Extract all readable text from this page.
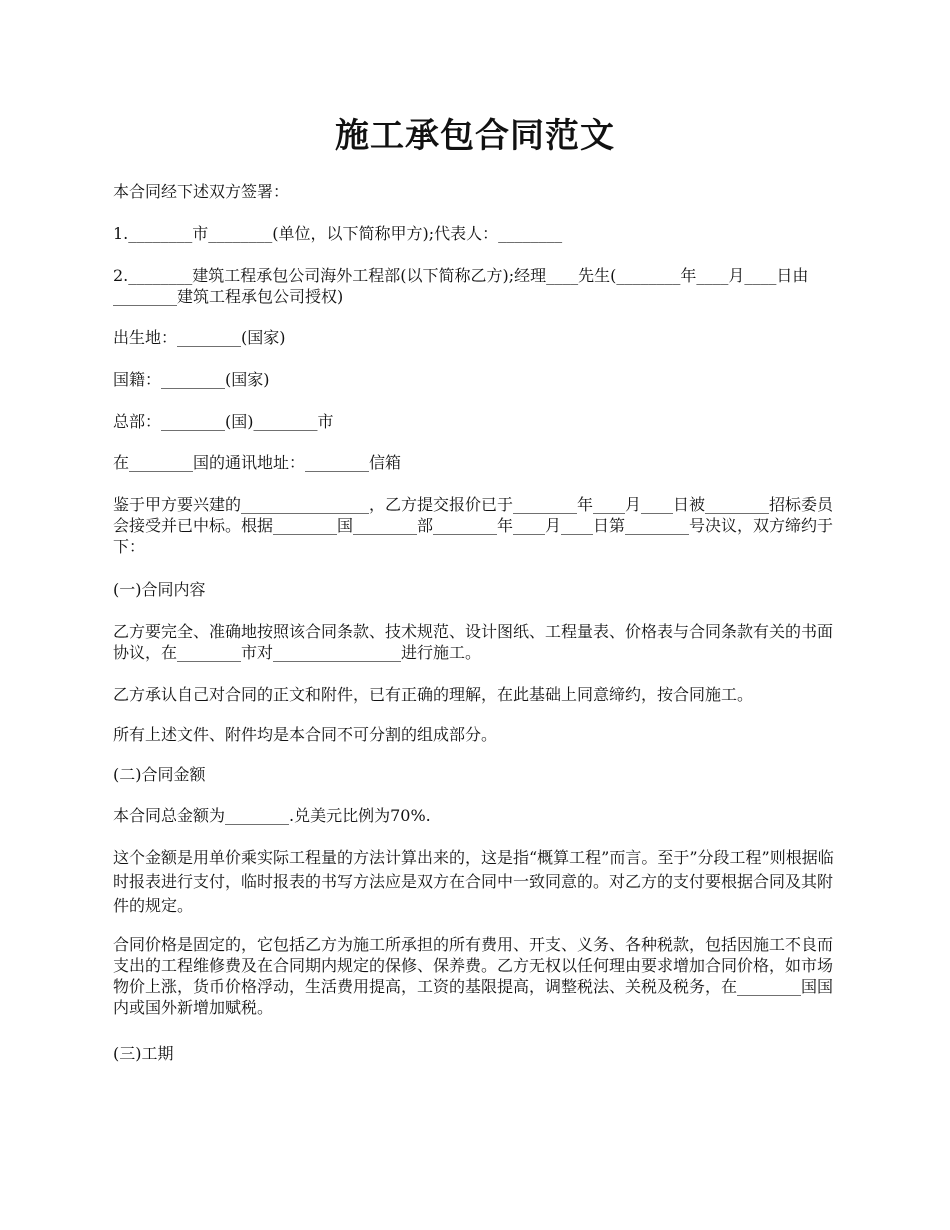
施工承包合同范文

本合同经下述双方签署：

1.________市________(单位，以下简称甲方);代表人：________

2.________建筑工程承包公司海外工程部(以下简称乙方);经理____先生(________年____月____日由________建筑工程承包公司授权)

出生地：________(国家)

国籍：________(国家)

总部：________(国)________市

在________国的通讯地址：________信箱

鉴于甲方要兴建的________________，乙方提交报价已于________年____月____日被________招标委员会接受并已中标。根据________国________部________年____月____日第________号决议，双方缔约于下：

(一)合同内容

乙方要完全、准确地按照该合同条款、技术规范、设计图纸、工程量表、价格表与合同条款有关的书面协议，在________市对________________进行施工。

乙方承认自己对合同的正文和附件，已有正确的理解，在此基础上同意缔约，按合同施工。

所有上述文件、附件均是本合同不可分割的组成部分。

(二)合同金额

本合同总金额为________.兑美元比例为70%.

这个金额是用单价乘实际工程量的方法计算出来的，这是指“概算工程”而言。至于”分段工程”则根据临时报表进行支付，临时报表的书写方法应是双方在合同中一致同意的。对乙方的支付要根据合同及其附件的规定。

合同价格是固定的，它包括乙方为施工所承担的所有费用、开支、义务、各种税款，包括因施工不良而支出的工程维修费及在合同期内规定的保修、保养费。乙方无权以任何理由要求增加合同价格，如市场物价上涨，货币价格浮动，生活费用提高，工资的基限提高，调整税法、关税及税务，在________国国内或国外新增加赋税。

(三)工期
